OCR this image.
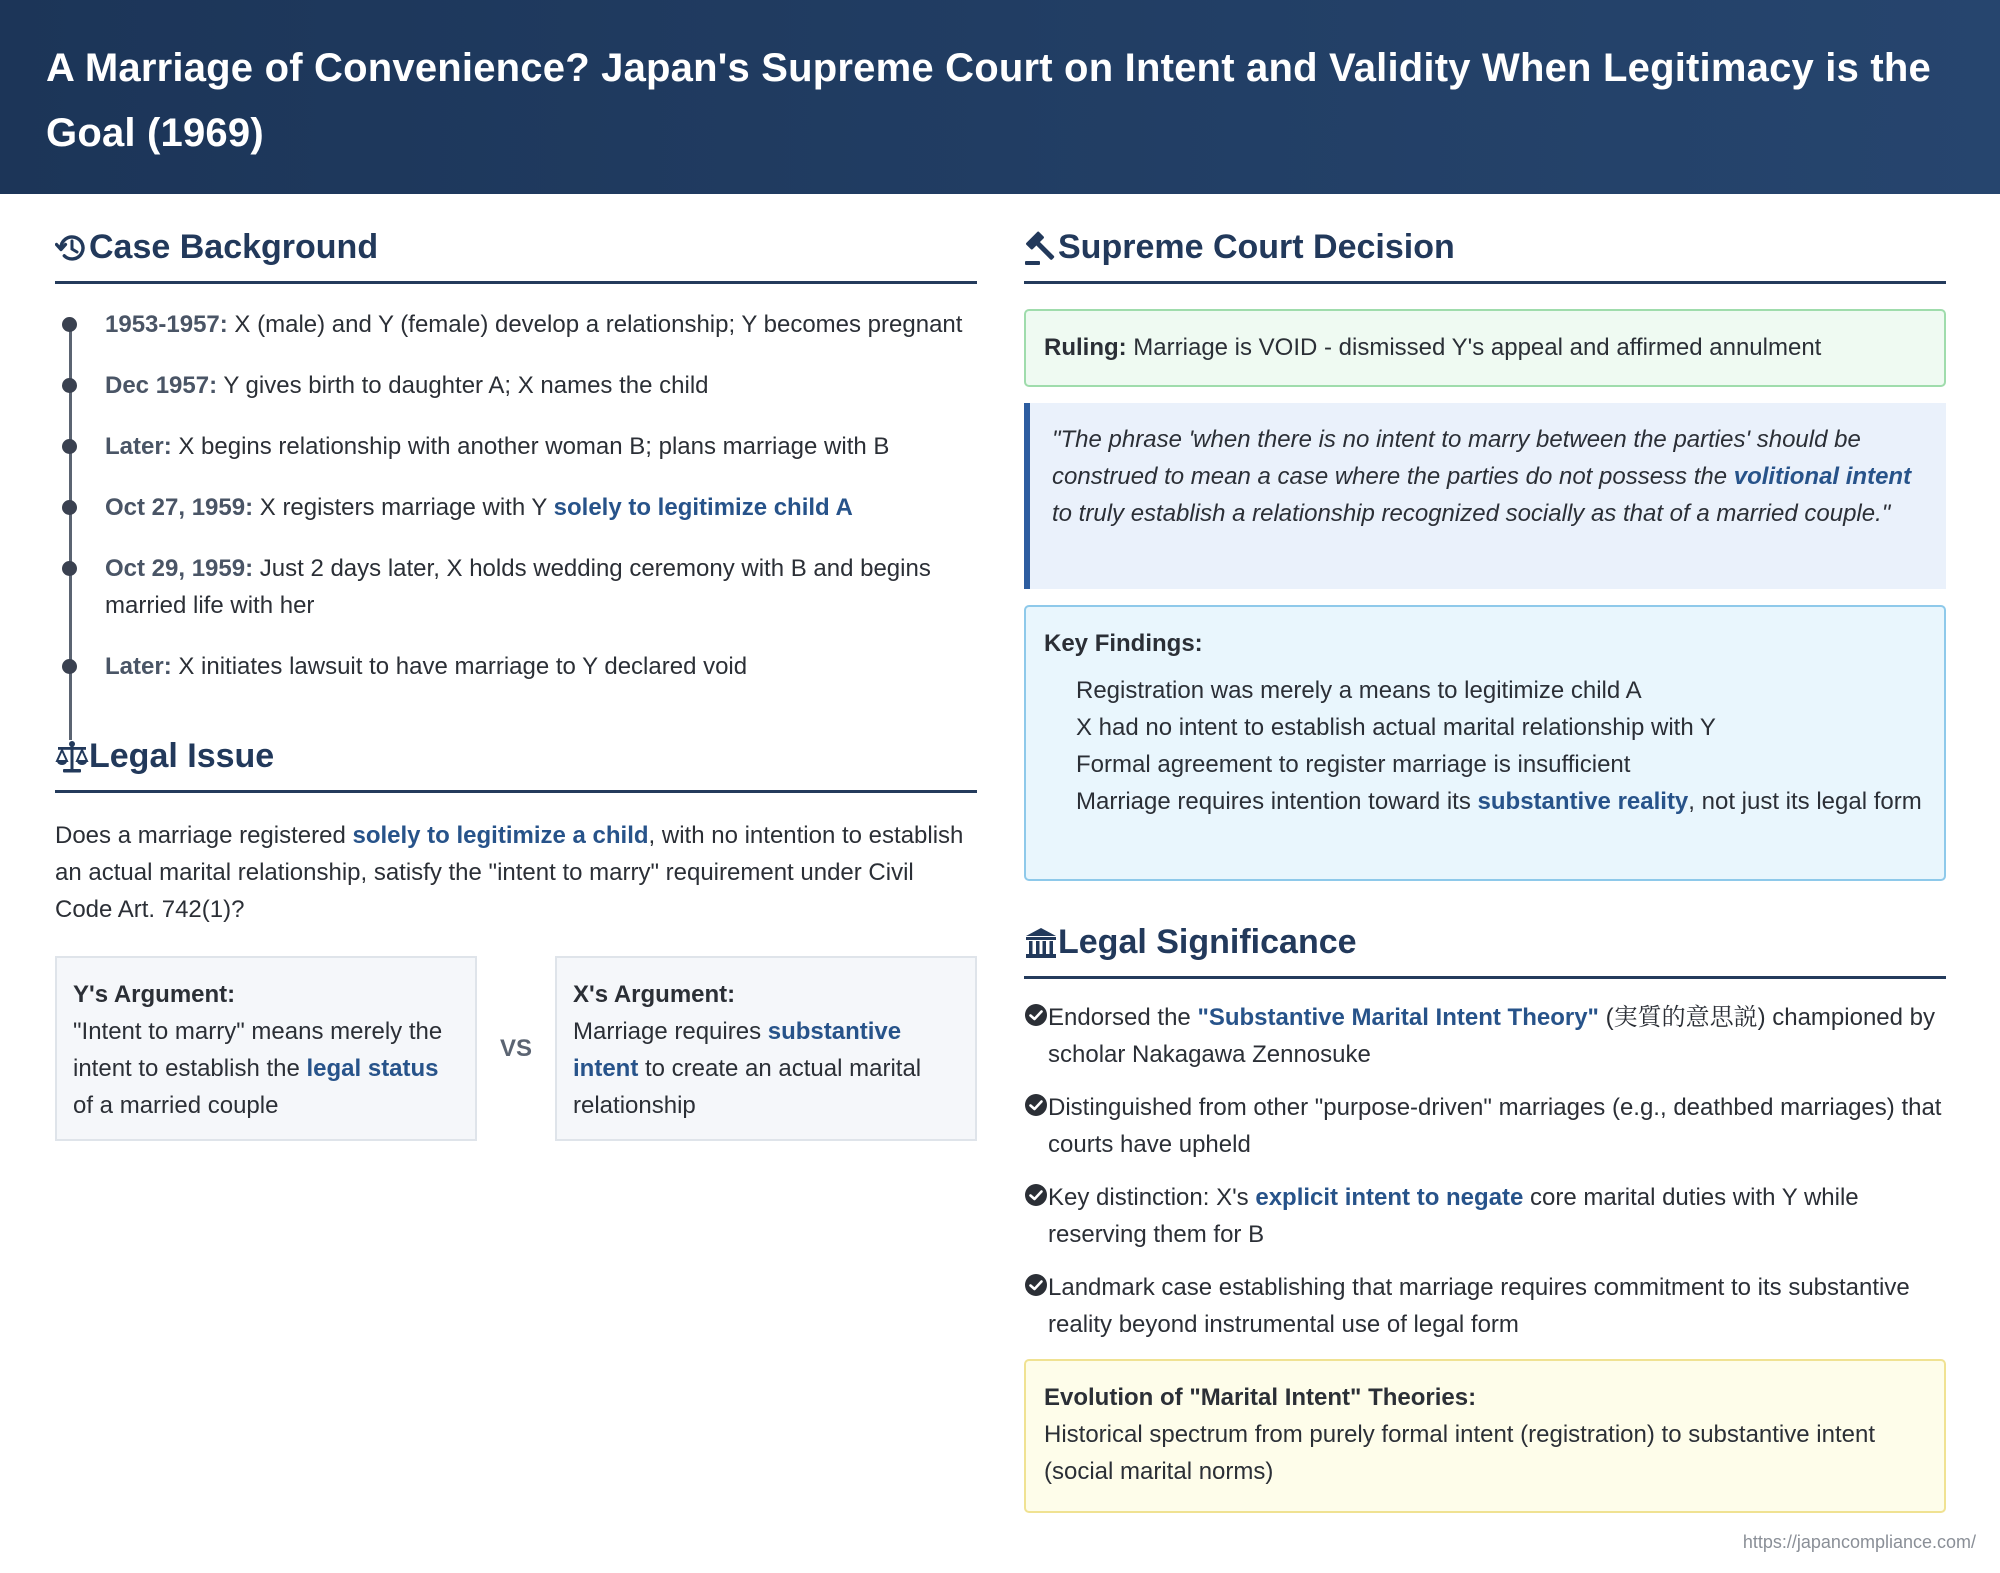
A Marriage of Convenience? Japan's Supreme Court on Intent and Validity When Legitimacy is the Goal (1969)
Case Background
1953-1957: X (male) and Y (female) develop a relationship; Y becomes pregnant
Dec 1957: Y gives birth to daughter A; X names the child
Later: X begins relationship with another woman B; plans marriage with B
Oct 27, 1959: X registers marriage with Y solely to legitimize child A
Oct 29, 1959: Just 2 days later, X holds wedding ceremony with B and begins married life with her
Later: X initiates lawsuit to have marriage to Y declared void
Legal Issue

Does a marriage registered solely to legitimize a child, with no intention to establish an actual marital relationship, satisfy the "intent to marry" requirement under Civil Code Art. 742(1)?

Y's Argument:
"Intent to marry" means merely the intent to establish the legal status of a married couple
VS
X's Argument:
Marriage requires substantive intent to create an actual marital relationship
Supreme Court Decision
Ruling: Marriage is VOID - dismissed Y's appeal and affirmed annulment
"The phrase 'when there is no intent to marry between the parties' should be construed to mean a case where the parties do not possess the volitional intent to truly establish a relationship recognized socially as that of a married couple."
Key Findings:
Registration was merely a means to legitimize child A
X had no intent to establish actual marital relationship with Y
Formal agreement to register marriage is insufficient
Marriage requires intention toward its substantive reality, not just its legal form
Legal Significance
Endorsed the "Substantive Marital Intent Theory" (実質的意思説) championed by scholar Nakagawa Zennosuke
Distinguished from other "purpose-driven" marriages (e.g., deathbed marriages) that courts have upheld
Key distinction: X's explicit intent to negate core marital duties with Y while reserving them for B
Landmark case establishing that marriage requires commitment to its substantive reality beyond instrumental use of legal form
Evolution of "Marital Intent" Theories:
Historical spectrum from purely formal intent (registration) to substantive intent (social marital norms)
https://japancompliance.com/
